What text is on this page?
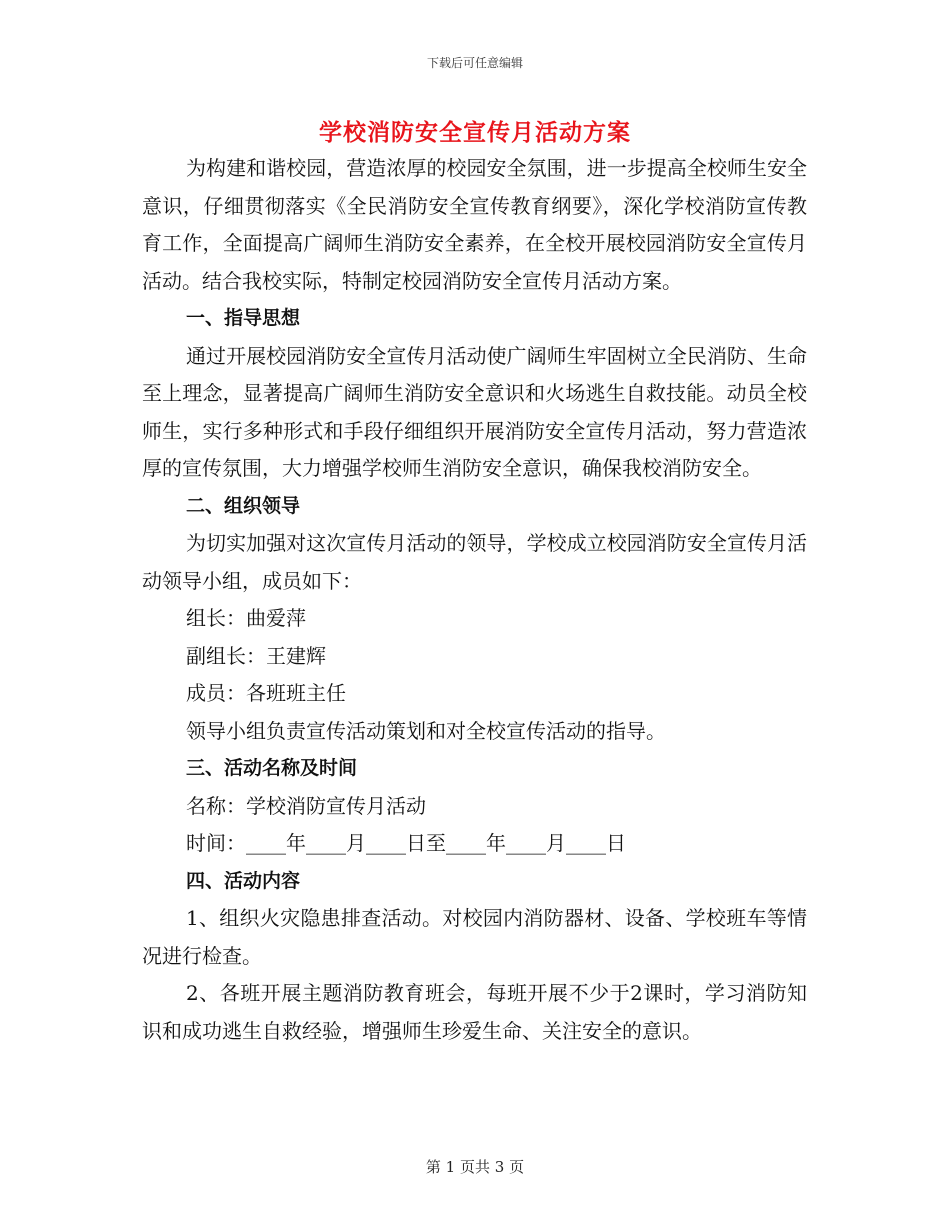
下载后可任意编辑
学校消防安全宣传月活动方案

为构建和谐校园，营造浓厚的校园安全氛围，进一步提高全校师生安全意识，仔细贯彻落实《全民消防安全宣传教育纲要》，深化学校消防宣传教育工作，全面提高广阔师生消防安全素养，在全校开展校园消防安全宣传月活动。结合我校实际，特制定校园消防安全宣传月活动方案。

一、指导思想

通过开展校园消防安全宣传月活动使广阔师生牢固树立全民消防、生命至上理念，显著提高广阔师生消防安全意识和火场逃生自救技能。动员全校师生，实行多种形式和手段仔细组织开展消防安全宣传月活动，努力营造浓厚的宣传氛围，大力增强学校师生消防安全意识，确保我校消防安全。

二、组织领导

为切实加强对这次宣传月活动的领导，学校成立校园消防安全宣传月活动领导小组，成员如下：

组长：曲爱萍

副组长：王建辉

成员：各班班主任

领导小组负责宣传活动策划和对全校宣传活动的指导。

三、活动名称及时间

名称：学校消防宣传月活动

时间：____年____月____日至____年____月____日

四、活动内容

1、组织火灾隐患排查活动。对校园内消防器材、设备、学校班车等情况进行检查。

2、各班开展主题消防教育班会，每班开展不少于2课时，学习消防知识和成功逃生自救经验，增强师生珍爱生命、关注安全的意识。

第 1 页共 3 页
